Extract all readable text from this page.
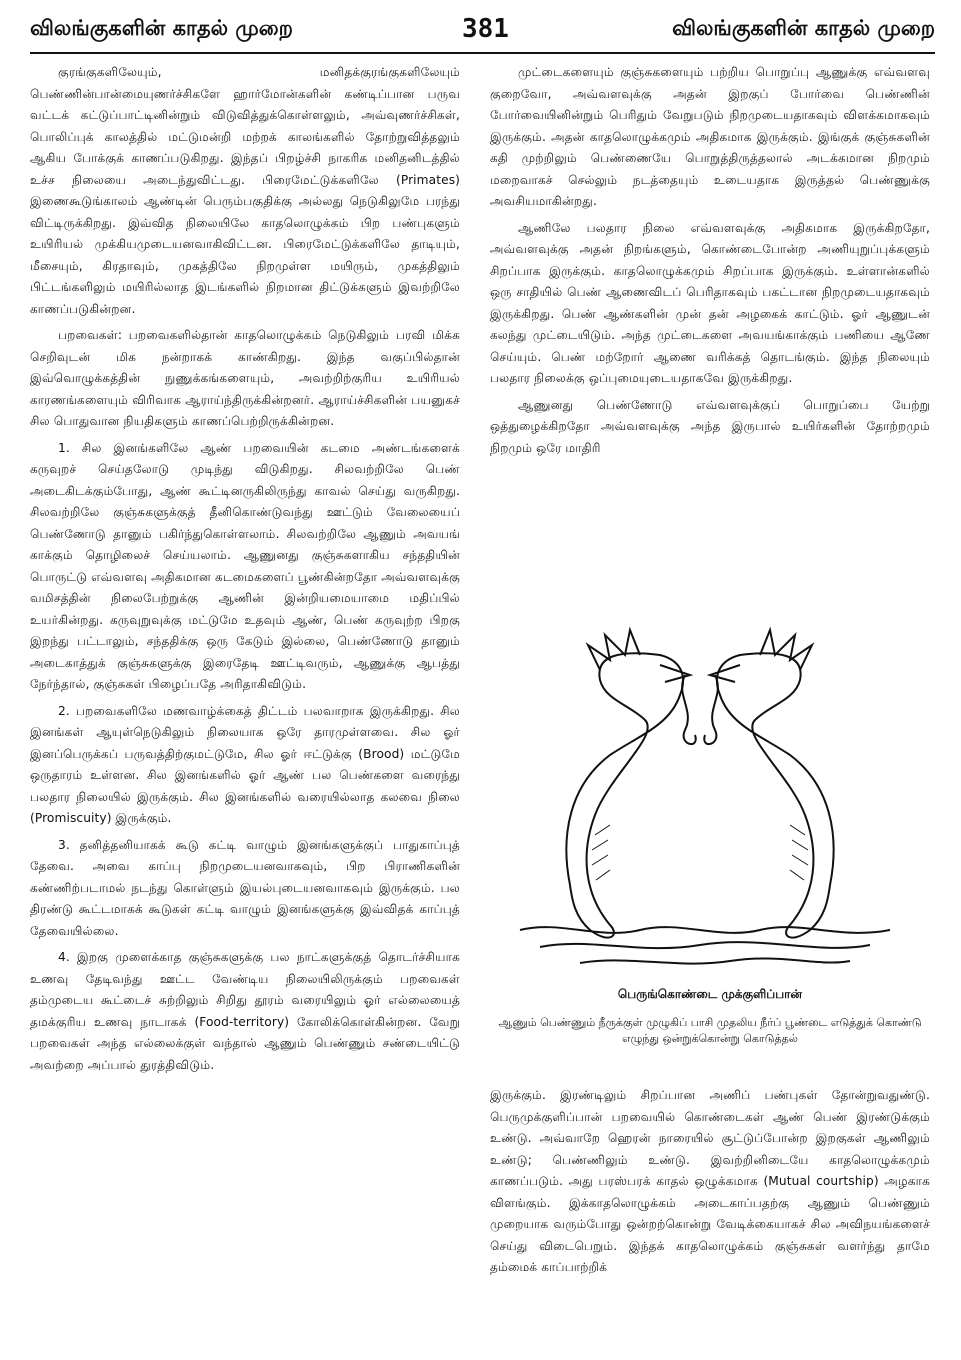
விலங்குகளின் காதல் முறை	381	விலங்குகளின் காதல் முறை

குரங்குகளிலேயும், மனிதக்குரங்குகளிலேயும் பெண்ணின்பான்மையுணர்ச்சிகளே ஹார்மோன்களின் கண்டிப்பான பருவ வட்டக் கட்டுப்பாட்டினின்றும் விடுவித்துக்கொள்ளலும், அவ்வுணர்ச்சிகள், பொலிப்புக் காலத்தில் மட்டுமன்றி மற்றக் காலங்களில் தோற்றுவித்தலும் ஆகிய போக்குக் காணப்படுகிறது. இந்தப் பிறழ்ச்சி நாகரிக மனிதனிடத்தில் உச்ச நிலையை அடைந்துவிட்டது. பிரைமேட்டுக்களிலே (Primates) இணைகூடுங்காலம் ஆண்டின் பெரும்பகுதிக்கு அல்லது நெடுகிலுமே பரந்து விட்டிருக்கிறது. இவ்வித நிலையிலே காதலொழுக்கம் பிற பண்புகளும் உயிரியல் முக்கியமுடையனவாகிவிட்டன. பிரைமேட்டுக்களிலே தாடியும், மீசையும், கிரதாவும், முகத்திலே நிறமுள்ள மயிரும், முகத்திலும் பிட்டங்களிலும் மயிரில்லாத இடங்களில் நிறமான திட்டுக்களும் இவற்றிலே காணப்படுகின்றன.

பறவைகள்: பறவைகளில்தான் காதலொழுக்கம் நெடுகிலும் பரவி மிக்க செறிவுடன் மிக நன்றாகக் காண்கிறது. இந்த வகுப்பில்தான் இவ்வொழுக்கத்தின் நுணுக்கங்களையும், அவற்றிற்குரிய உயிரியல் காரணங்களையும் விரிவாக ஆராய்ந்திருக்கின்றனர். ஆராய்ச்சிகளின் பயனுகச் சில பொதுவான நியதிகளும் காணப்பெற்றிருக்கின்றன.

1. சில இனங்களிலே ஆண் பறவையின் கடமை அண்டங்களைக் கருவுறச் செய்தலோடு முடிந்து விடுகிறது. சிலவற்றிலே பெண் அடைகிடக்கும்போது, ஆண் கூட்டினருகிலிருந்து காவல் செய்து வருகிறது. சிலவற்றிலே குஞ்சுகளுக்குத் தீனிகொண்டுவந்து ஊட்டும் வேலையைப் பெண்ணோடு தானும் பகிர்ந்துகொள்ளலாம். சிலவற்றிலே ஆணும் அவயங் காக்கும் தொழிலைச் செய்யலாம். ஆணுனது குஞ்சுகளாகிய சந்ததியின் பொருட்டு எவ்வளவு அதிகமான கடமைகளைப் பூண்கின்றதோ அவ்வளவுக்கு வமிசத்தின் நிலைபேற்றுக்கு ஆணின் இன்றியமையாமை மதிப்பில் உயர்கின்றது. கருவுறுவுக்கு மட்டுமே உதவும் ஆண், பெண் கருவுற்ற பிறகு இறந்து பட்டாலும், சந்ததிக்கு ஒரு கேடும் இல்லை, பெண்ணோடு தானும் அடைகாத்துக் குஞ்சுகளுக்கு இரைதேடி ஊட்டிவரும், ஆணுக்கு ஆபத்து நேர்ந்தால், குஞ்சுகள் பிழைப்பதே அரிதாகிவிடும்.

2. பறவைகளிலே மணவாழ்க்கைத் திட்டம் பலவாறாக இருக்கிறது. சில இனங்கள் ஆயுள்நெடுகிலும் நிலையாக ஒரே தாரமுள்ளவை. சில ஓர் இனப்பெருக்கப் பருவத்திற்குமட்டுமே, சில ஓர் ஈட்டுக்கு (Brood) மட்டுமே ஒருதாரம் உள்ளன. சில இனங்களில் ஓர் ஆண் பல பெண்களை வரைந்து பலதார நிலையில் இருக்கும். சில இனங்களில் வரையில்லாத கலவை நிலை (Promiscuity) இருக்கும்.

3. தனித்தனியாகக் கூடு கட்டி வாழும் இனங்களுக்குப் பாதுகாப்புத் தேவை. அவை காப்பு நிறமுடையனவாகவும், பிற பிராணிகளின் கண்ணிற்படாமல் நடந்து கொள்ளும் இயல்புடையனவாகவும் இருக்கும். பல திரண்டு கூட்டமாகக் கூடுகள் கட்டி வாழும் இனங்களுக்கு இவ்விதக் காப்புத் தேவையில்லை.

4. இறகு முளைக்காத குஞ்சுகளுக்கு பல நாட்களுக்குத் தொடர்ச்சியாக உணவு தேடிவந்து ஊட்ட வேண்டிய நிலையிலிருக்கும் பறவைகள் தம்முடைய கூட்டைச் சுற்றிலும் சிறிது தூரம் வரையிலும் ஓர் எல்லையைத் தமக்குரிய உணவு நாடாகக் (Food-territory) கோலிக்கொள்கின்றன. வேறு பறவைகள் அந்த எல்லைக்குள் வந்தால் ஆணும் பெண்ணும் சண்டையிட்டு அவற்றை அப்பால் துரத்திவிடும்.

முட்டைகளையும் குஞ்சுகளையும் பற்றிய பொறுப்பு ஆணுக்கு எவ்வளவு குறைவோ, அவ்வளவுக்கு அதன் இறகுப் போர்வை பெண்ணின் போர்வையினின்றும் பெரிதும் வேறுபடும் நிறமுடையதாகவும் விளக்கமாகவும் இருக்கும். அதன் காதலொழுக்கமும் அதிகமாக இருக்கும். இங்குக் குஞ்சுகளின் கதி முற்றிலும் பெண்ணையே பொறுத்திருத்தலால் அடக்கமான நிறமும் மறைவாகச் செல்லும் நடத்தையும் உடையதாக இருத்தல் பெண்ணுக்கு அவசியமாகின்றது.

ஆணிலே பலதார நிலை எவ்வளவுக்கு அதிகமாக இருக்கிறதோ, அவ்வளவுக்கு அதன் நிறங்களும், கொண்டைபோன்ற அணியுறுப்புக்களும் சிறப்பாக இருக்கும். காதலொழுக்கமும் சிறப்பாக இருக்கும். உள்ளான்களில் ஒரு சாதியில் பெண் ஆணைவிடப் பெரிதாகவும் பகட்டான நிறமுடையதாகவும் இருக்கிறது. பெண் ஆண்களின் முன் தன் அழகைக் காட்டும். ஓர் ஆணுடன் கலந்து முட்டையிடும். அந்த முட்டைகளை அவயங்காக்கும் பணியை ஆணே செய்யும். பெண் மற்றோர் ஆணை வரிக்கத் தொடங்கும். இந்த நிலையும் பலதார நிலைக்கு ஒப்புமையுடையதாகவே இருக்கிறது.

ஆணுனது பெண்ணோடு எவ்வளவுக்குப் பொறுப்பை யேற்று ஒத்துழைக்கிறதோ அவ்வளவுக்கு அந்த இருபால் உயிர்களின் தோற்றமும் நிறமும் ஒரே மாதிரி

பெருங்கொண்டை முக்குளிப்பான்
ஆணும் பெண்ணும் நீருக்குள் முழுகிப் பாசி முதலிய நீர்ப் பூண்டை எடுத்துக் கொண்டு எழுந்து ஒன்றுக்கொன்று கொடுத்தல்

இருக்கும். இரண்டிலும் சிறப்பான அணிப் பண்புகள் தோன்றுவதுண்டு. பெருமுக்குளிப்பான் பறவையில் கொண்டைகள் ஆண் பெண் இரண்டுக்கும் உண்டு. அவ்வாறே ஹெரன் நாரையில் சூட்டுப்போன்ற இறகுகள் ஆணிலும் உண்டு; பெண்ணிலும் உண்டு. இவற்றினிடையே காதலொழுக்கமும் காணப்படும். அது பரஸ்பரக் காதல் ஒழுக்கமாக (Mutual courtship) அழகாக விளங்கும். இக்காதலொழுக்கம் அடைகாப்பதற்கு ஆணும் பெண்ணும் முறையாக வரும்போது ஒன்றற்கொன்று வேடிக்கையாகச் சில அவிநயங்களைச் செய்து விடைபெறும். இந்தக் காதலொழுக்கம் குஞ்சுகள் வளர்ந்து தாமே தம்மைக் காப்பாற்றிக்
